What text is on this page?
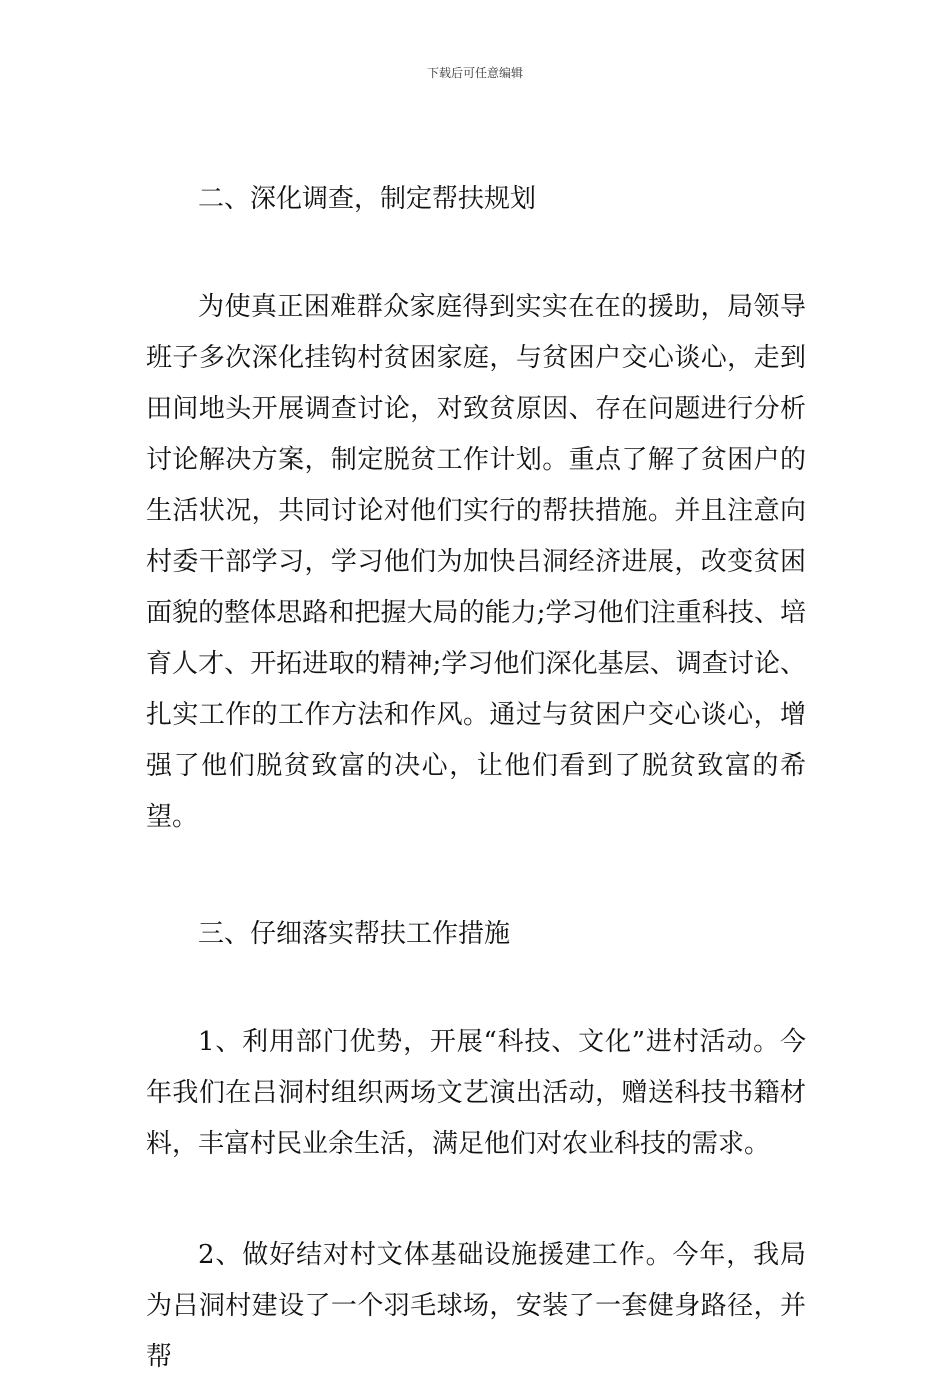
下载后可任意编辑

二、深化调查，制定帮扶规划

为使真正困难群众家庭得到实实在在的援助，局领导班子多次深化挂钩村贫困家庭，与贫困户交心谈心，走到田间地头开展调查讨论，对致贫原因、存在问题进行分析讨论解决方案，制定脱贫工作计划。重点了解了贫困户的生活状况，共同讨论对他们实行的帮扶措施。并且注意向村委干部学习，学习他们为加快吕洞经济进展，改变贫困面貌的整体思路和把握大局的能力;学习他们注重科技、培育人才、开拓进取的精神;学习他们深化基层、调查讨论、扎实工作的工作方法和作风。通过与贫困户交心谈心，增强了他们脱贫致富的决心，让他们看到了脱贫致富的希望。

三、仔细落实帮扶工作措施

1、利用部门优势，开展“科技、文化”进村活动。今年我们在吕洞村组织两场文艺演出活动，赠送科技书籍材料，丰富村民业余生活，满足他们对农业科技的需求。

2、做好结对村文体基础设施援建工作。今年，我局为吕洞村建设了一个羽毛球场，安装了一套健身路径，并帮
